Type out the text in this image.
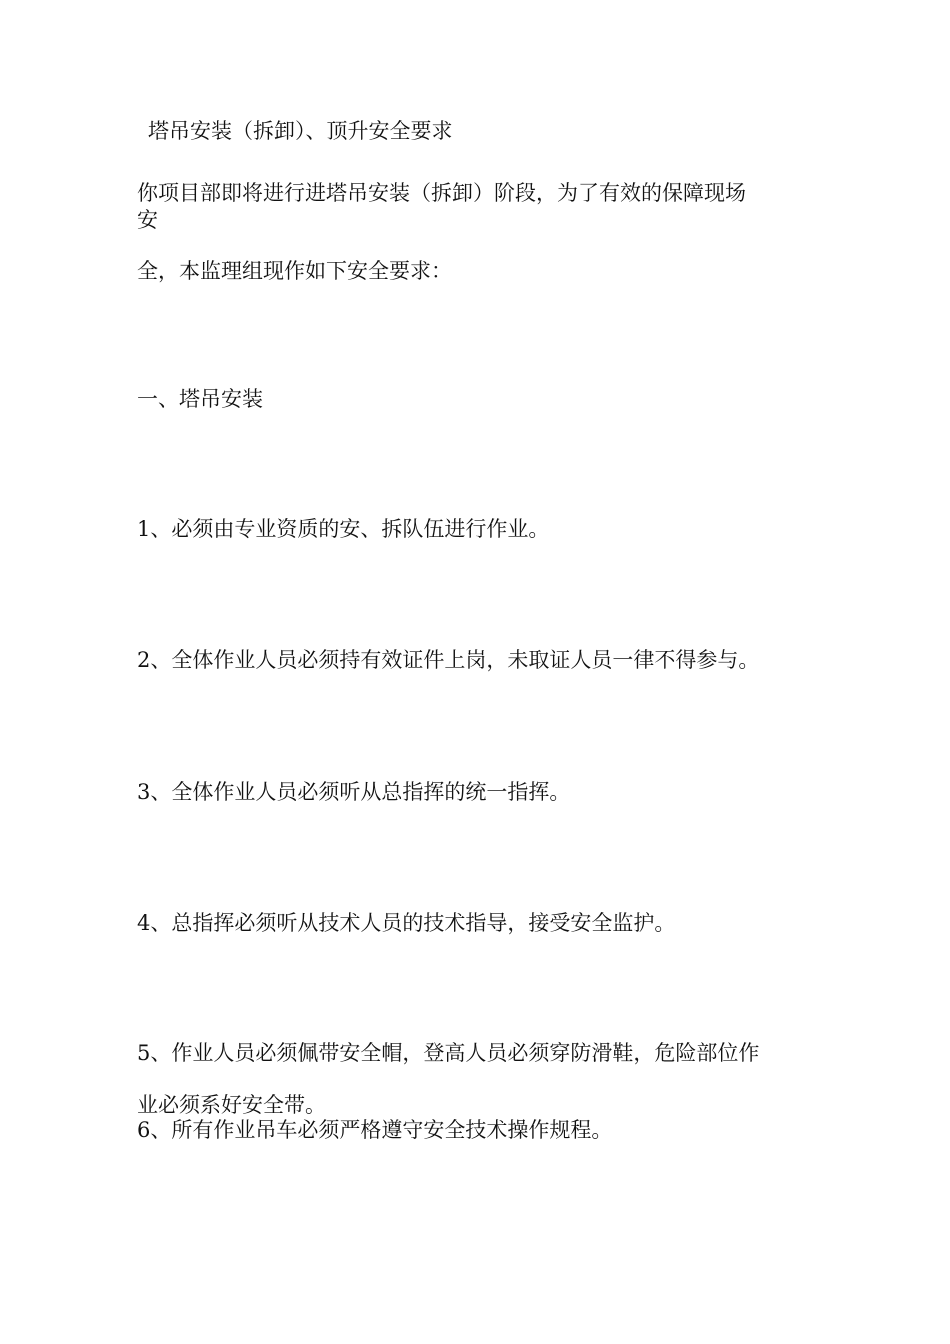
塔吊安装（拆卸）、顶升安全要求
你项目部即将进行进塔吊安装（拆卸）阶段，为了有效的保障现场
安
全，本监理组现作如下安全要求：
一、塔吊安装
1、必须由专业资质的安、拆队伍进行作业。
2、全体作业人员必须持有效证件上岗，未取证人员一律不得参与。
3、全体作业人员必须听从总指挥的统一指挥。
4、总指挥必须听从技术人员的技术指导，接受安全监护。
5、作业人员必须佩带安全帽，登高人员必须穿防滑鞋，危险部位作
业必须系好安全带。
6、所有作业吊车必须严格遵守安全技术操作规程。
